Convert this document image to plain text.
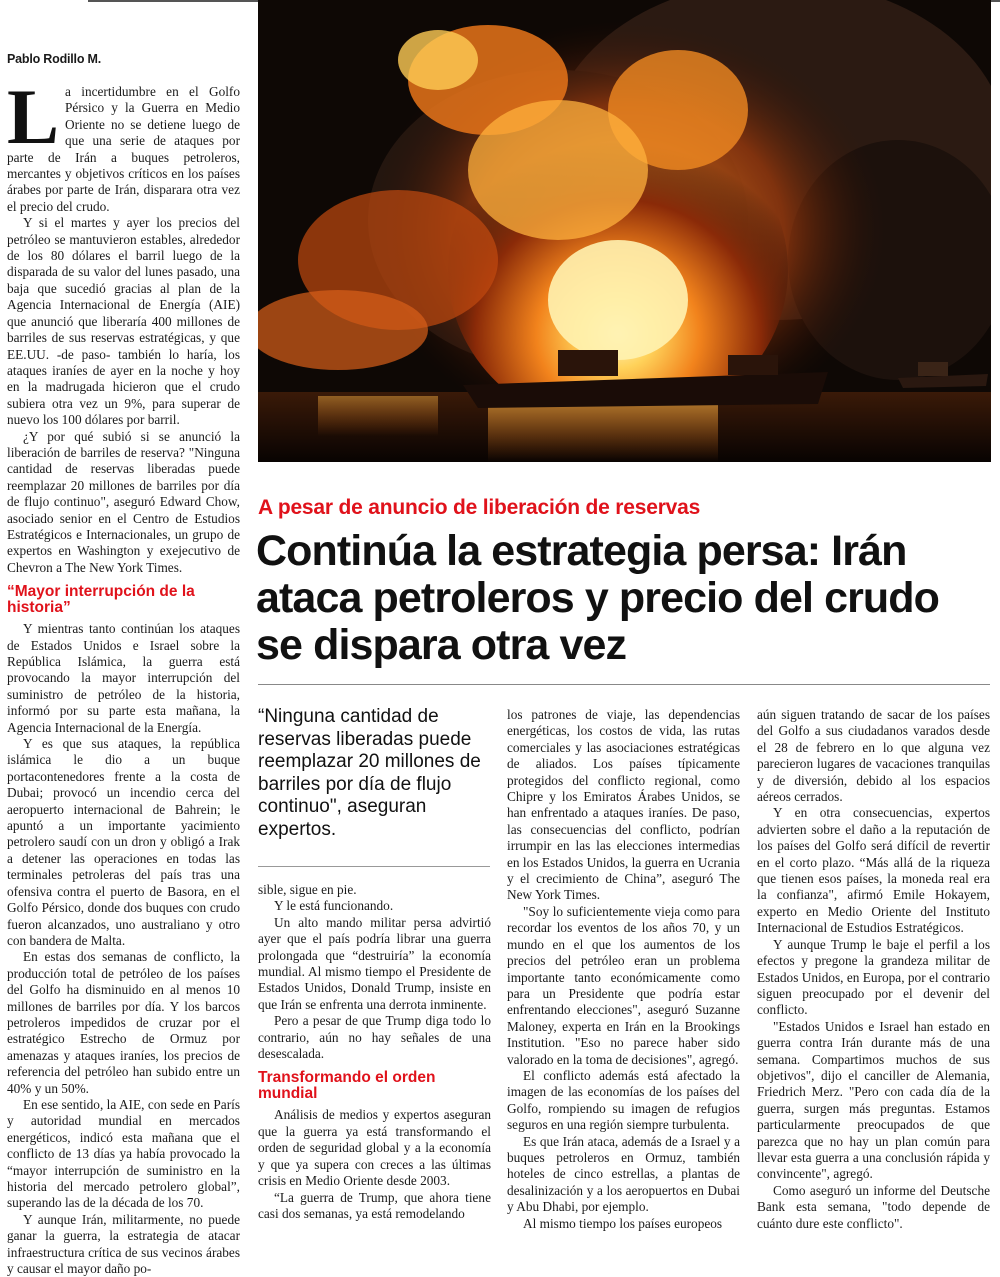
Pablo Rodillo M.

La incertidumbre en el Golfo Pérsico y la Guerra en Medio Oriente no se detiene luego de que una serie de ataques por parte de Irán a buques petroleros, mercantes y objetivos críticos en los países árabes por parte de Irán, disparara otra vez el precio del crudo.

Y si el martes y ayer los precios del petróleo se mantuvieron estables, alrededor de los 80 dólares el barril luego de la disparada de su valor del lunes pasado, una baja que sucedió gracias al plan de la Agencia Internacional de Energía (AIE) que anunció que liberaría 400 millones de barriles de sus reservas estratégicas, y que EE.UU. -de paso- también lo haría, los ataques iraníes de ayer en la noche y hoy en la madrugada hicieron que el crudo subiera otra vez un 9%, para superar de nuevo los 100 dólares por barril.

¿Y por qué subió si se anunció la liberación de barriles de reserva? "Ninguna cantidad de reservas liberadas puede reemplazar 20 millones de barriles por día de flujo continuo", aseguró Edward Chow, asociado senior en el Centro de Estudios Estratégicos e Internacionales, un grupo de expertos en Washington y exejecutivo de Chevron a The New York Times.

“Mayor interrupción de la historia”

Y mientras tanto continúan los ataques de Estados Unidos e Israel sobre la República Islámica, la guerra está provocando la mayor interrupción del suministro de petróleo de la historia, informó por su parte esta mañana, la Agencia Internacional de la Energía.

Y es que sus ataques, la república islámica le dio a un buque portacontenedores frente a la costa de Dubai; provocó un incendio cerca del aeropuerto internacional de Bahrein; le apuntó a un importante yacimiento petrolero saudí con un dron y obligó a Irak a detener las operaciones en todas las terminales petroleras del país tras una ofensiva contra el puerto de Basora, en el Golfo Pérsico, donde dos buques con crudo fueron alcanzados, uno australiano y otro con bandera de Malta.

En estas dos semanas de conflicto, la producción total de petróleo de los países del Golfo ha disminuido en al menos 10 millones de barriles por día. Y los barcos petroleros impedidos de cruzar por el estratégico Estrecho de Ormuz por amenazas y ataques iraníes, los precios de referencia del petróleo han subido entre un 40% y un 50%.

En ese sentido, la AIE, con sede en París y autoridad mundial en mercados energéticos, indicó esta mañana que el conflicto de 13 días ya había provocado la “mayor interrupción de suministro en la historia del mercado petrolero global”, superando las de la década de los 70.

Y aunque Irán, militarmente, no puede ganar la guerra, la estrategia de atacar infraestructura crítica de sus vecinos árabes y causar el mayor daño po-

A pesar de anuncio de liberación de reservas
Continúa la estrategia persa: Irán ataca petroleros y precio del crudo se dispara otra vez
“Ninguna cantidad de reservas liberadas puede reemplazar 20 millones de barriles por día de flujo continuo", aseguran expertos.

sible, sigue en pie.

Y le está funcionando.

Un alto mando militar persa advirtió ayer que el país podría librar una guerra prolongada que “destruiría” la economía mundial. Al mismo tiempo el Presidente de Estados Unidos, Donald Trump, insiste en que Irán se enfrenta una derrota inminente.

Pero a pesar de que Trump diga todo lo contrario, aún no hay señales de una desescalada.

Transformando el orden mundial

Análisis de medios y expertos aseguran que la guerra ya está transformando el orden de seguridad global y a la economía y que ya supera con creces a las últimas crisis en Medio Oriente desde 2003.

“La guerra de Trump, que ahora tiene casi dos semanas, ya está remodelando

los patrones de viaje, las dependencias energéticas, los costos de vida, las rutas comerciales y las asociaciones estratégicas de aliados. Los países típicamente protegidos del conflicto regional, como Chipre y los Emiratos Árabes Unidos, se han enfrentado a ataques iraníes. De paso, las consecuencias del conflicto, podrían irrumpir en las las elecciones intermedias en los Estados Unidos, la guerra en Ucrania y el crecimiento de China”, aseguró The New York Times.

"Soy lo suficientemente vieja como para recordar los eventos de los años 70, y un mundo en el que los aumentos de los precios del petróleo eran un problema importante tanto económicamente como para un Presidente que podría estar enfrentando elecciones", aseguró Suzanne Maloney, experta en Irán en la Brookings Institution. "Eso no parece haber sido valorado en la toma de decisiones", agregó.

El conflicto además está afectado la imagen de las economías de los países del Golfo, rompiendo su imagen de refugios seguros en una región siempre turbulenta.

Es que Irán ataca, además de a Israel y a buques petroleros en Ormuz, también hoteles de cinco estrellas, a plantas de desalinización y a los aeropuertos en Dubai y Abu Dhabi, por ejemplo.

Al mismo tiempo los países europeos

aún siguen tratando de sacar de los países del Golfo a sus ciudadanos varados desde el 28 de febrero en lo que alguna vez parecieron lugares de vacaciones tranquilas y de diversión, debido al los espacios aéreos cerrados.

Y en otra consecuencias, expertos advierten sobre el daño a la reputación de los países del Golfo será difícil de revertir en el corto plazo. “Más allá de la riqueza que tienen esos países, la moneda real era la confianza", afirmó Emile Hokayem, experto en Medio Oriente del Instituto Internacional de Estudios Estratégicos.

Y aunque Trump le baje el perfil a los efectos y pregone la grandeza militar de Estados Unidos, en Europa, por el contrario siguen preocupado por el devenir del conflicto.

"Estados Unidos e Israel han estado en guerra contra Irán durante más de una semana. Compartimos muchos de sus objetivos", dijo el canciller de Alemania, Friedrich Merz. "Pero con cada día de la guerra, surgen más preguntas. Estamos particularmente preocupados de que parezca que no hay un plan común para llevar esta guerra a una conclusión rápida y convincente", agregó.

Como aseguró un informe del Deutsche Bank esta semana, "todo depende de cuánto dure este conflicto".
